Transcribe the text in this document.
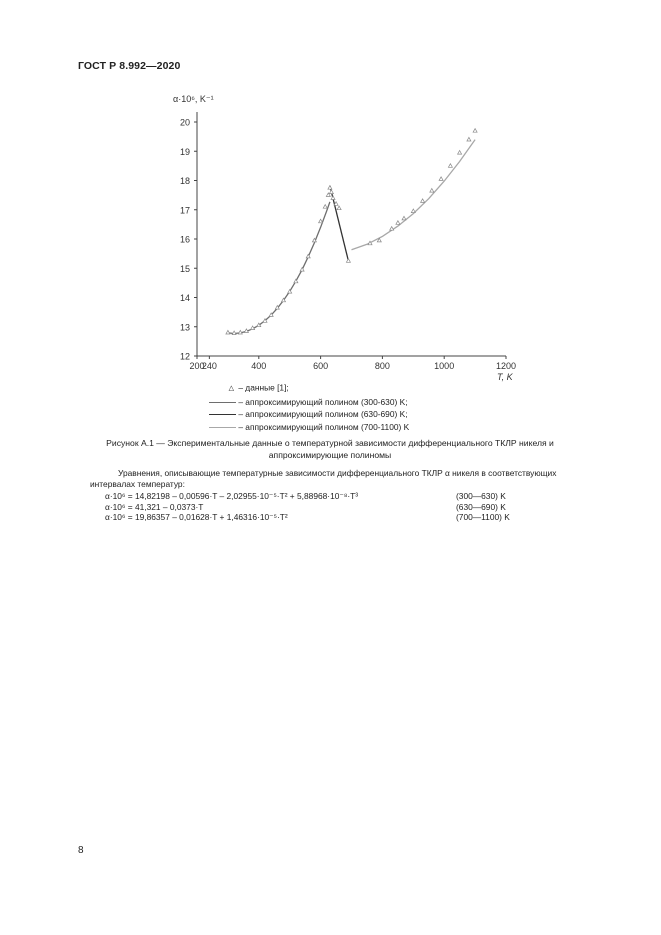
ГОСТ Р 8.992—2020
12
13
14
15
16
17
18
19
20
200
240	400	600	800	1000	1200
α·10⁶, K⁻¹
T, K
△ – данные [1];
– аппроксимирующий полином (300-630) K;
– аппроксимирующий полином (630-690) K;
– аппроксимирующий полином (700-1100) K
Рисунок А.1 — Экспериментальные данные о температурной зависимости дифференциального ТКЛР никеля и аппроксимирующие полиномы
Уравнения, описывающие температурные зависимости дифференциального ТКЛР α никеля в соответствующих интервалах температур:
α·10⁶ = 14,82198 – 0,00596·T – 2,02955·10⁻⁵·T² + 5,88968·10⁻⁸·T³	(300—630) K
α·10⁶ = 41,321 – 0,0373·T	(630—690) K
α·10⁶ = 19,86357 – 0,01628·T + 1,46316·10⁻⁵·T²	(700—1100) K
8
